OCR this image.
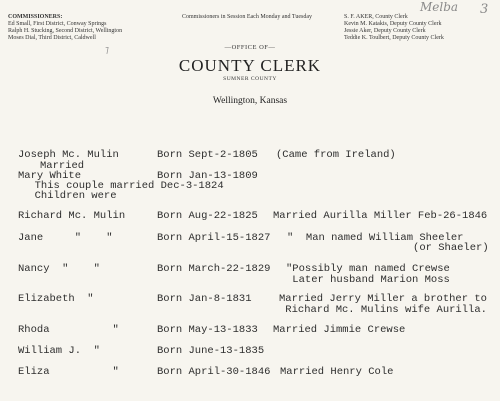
COMMISSIONERS:
Ed Small, First District, Conway Springs
Ralph H. Stucking, Second District, Wellington
Moses Dial, Third District, Caldwell
Commissioners in Session Each Monday and Tuesday	S. F. AKER, County Clerk
Kevin M. Katakis, Deputy County Clerk
Jessie Aker, Deputy County Clerk
Teddie K. Toulbert, Deputy County Clerk
Melba 3
˥	—OFFICE OF—
COUNTY CLERK
SUMNER COUNTY
Wellington, Kansas
Joseph Mc. Mulin	Born Sept-2-1805 (Came from Ireland)
Married
Mary White	Born Jan-13-1809
This couple married Dec-3-1824
Children were
Richard Mc. Mulin	Born Aug-22-1825 Married Aurilla Miller Feb-26-1846
Jane     "    "	Born April-15-1827 "  Man named William Sheeler
(or Shaeler)
Nancy  "    "	Born March-22-1829 "Possibly man named Crewse
Later husband Marion Moss
Elizabeth  "	Born Jan-8-1831	Married Jerry Miller a brother to
Richard Mc. Mulins wife Aurilla.
Rhoda          "	Born May-13-1833 Married Jimmie Crewse
William J.  "	Born June-13-1835
Eliza          "	Born April-30-1846 Married Henry Cole
